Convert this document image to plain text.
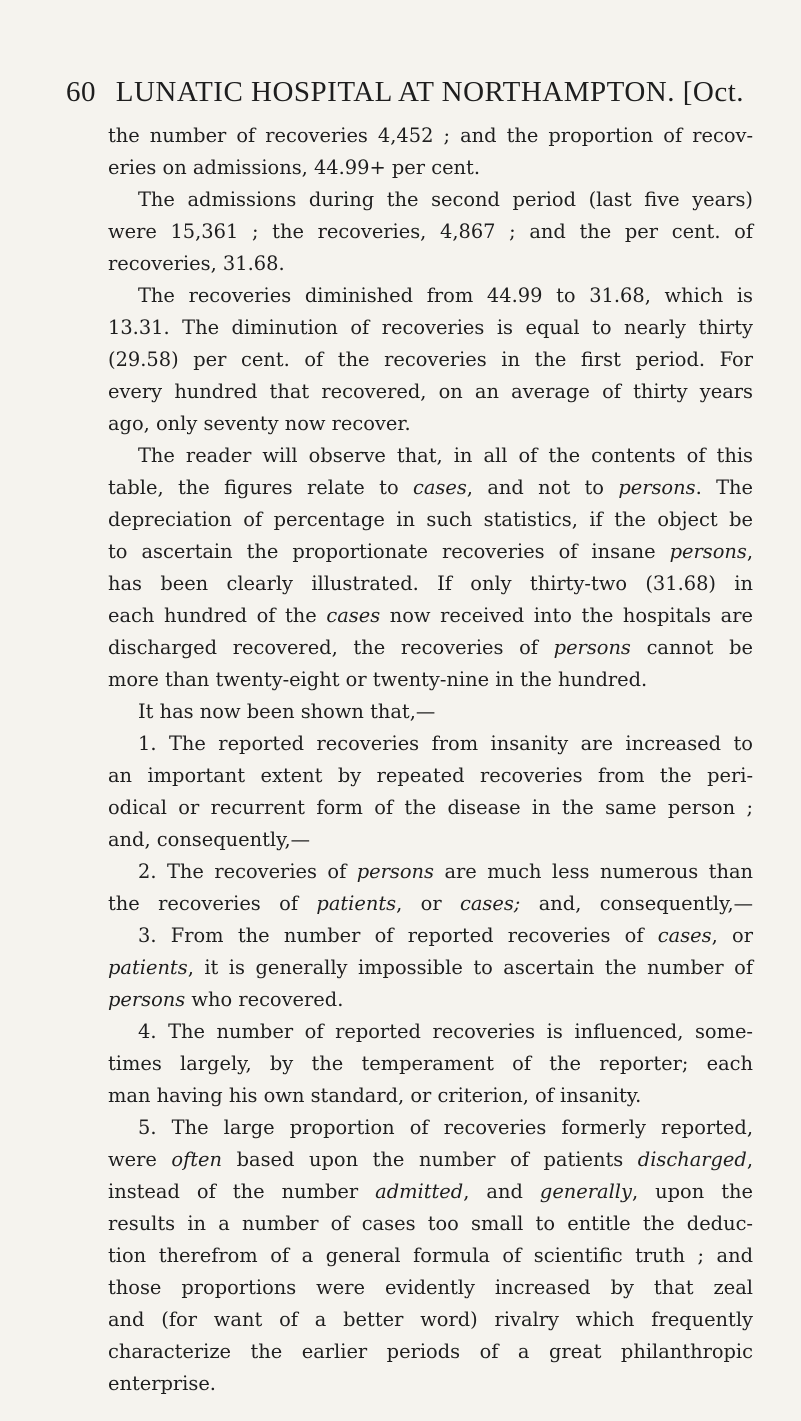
60 LUNATIC HOSPITAL AT NORTHAMPTON. [Oct.
the number of recoveries 4,452 ; and the proportion of recov-
eries on admissions, 44.99+ per cent.
The admissions during the second period (last five years)
were 15,361 ; the recoveries, 4,867 ; and the per cent. of
recoveries, 31.68.
The recoveries diminished from 44.99 to 31.68, which is
13.31. The diminution of recoveries is equal to nearly thirty
(29.58) per cent. of the recoveries in the first period. For
every hundred that recovered, on an average of thirty years
ago, only seventy now recover.
The reader will observe that, in all of the contents of this
table, the figures relate to cases, and not to persons. The
depreciation of percentage in such statistics, if the object be
to ascertain the proportionate recoveries of insane persons,
has been clearly illustrated. If only thirty-two (31.68) in
each hundred of the cases now received into the hospitals are
discharged recovered, the recoveries of persons cannot be
more than twenty-eight or twenty-nine in the hundred.
It has now been shown that,—
1. The reported recoveries from insanity are increased to
an important extent by repeated recoveries from the peri-
odical or recurrent form of the disease in the same person ;
and, consequently,—
2. The recoveries of persons are much less numerous than
the recoveries of patients, or cases; and, consequently,—
3. From the number of reported recoveries of cases, or
patients, it is generally impossible to ascertain the number of
persons who recovered.
4. The number of reported recoveries is influenced, some-
times largely, by the temperament of the reporter; each
man having his own standard, or criterion, of insanity.
5. The large proportion of recoveries formerly reported,
were often based upon the number of patients discharged,
instead of the number admitted, and generally, upon the
results in a number of cases too small to entitle the deduc-
tion therefrom of a general formula of scientific truth ; and
those proportions were evidently increased by that zeal
and (for want of a better word) rivalry which frequently
characterize the earlier periods of a great philanthropic
enterprise.
